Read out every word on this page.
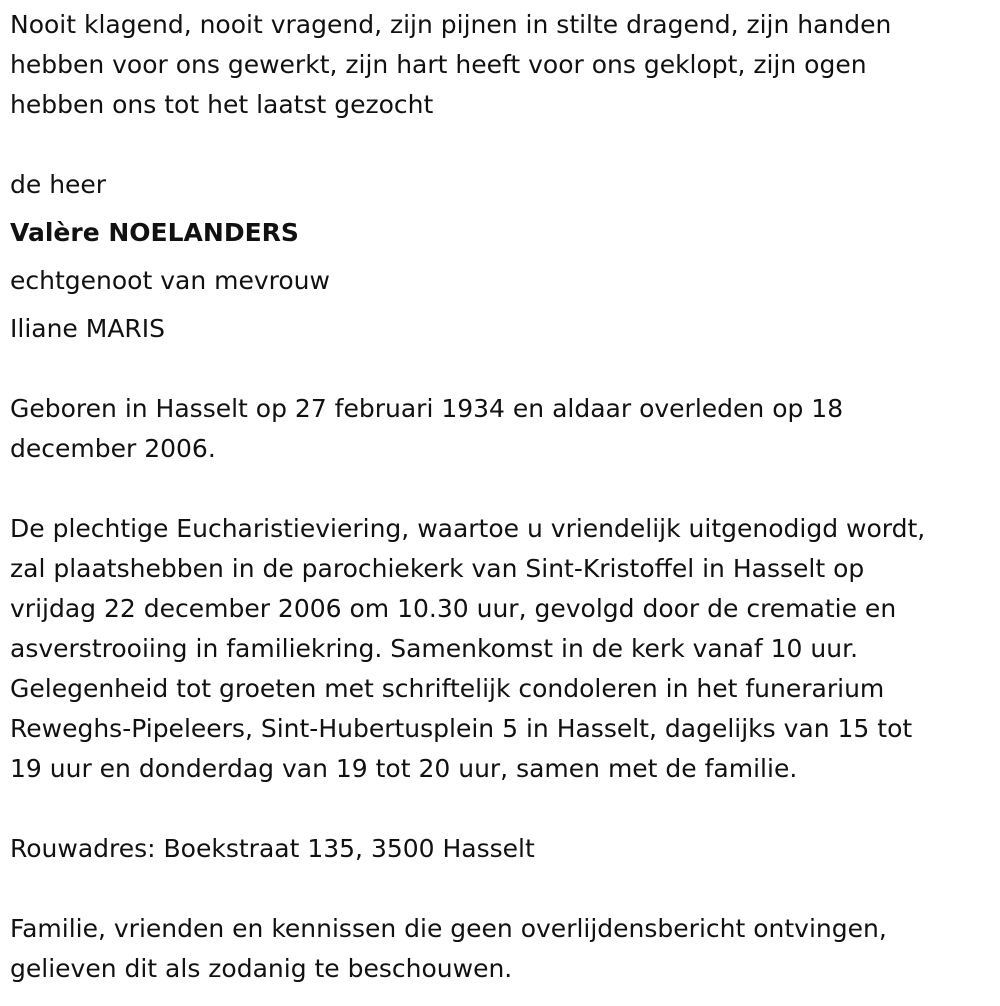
Nooit klagend, nooit vragend, zijn pijnen in stilte dragend, zijn handen
hebben voor ons gewerkt, zijn hart heeft voor ons geklopt, zijn ogen
hebben ons tot het laatst gezocht

de heer

Valère NOELANDERS

echtgenoot van mevrouw

Iliane MARIS

Geboren in Hasselt op 27 februari 1934 en aldaar overleden op 18
december 2006.

De plechtige Eucharistieviering, waartoe u vriendelijk uitgenodigd wordt,
zal plaatshebben in de parochiekerk van Sint-Kristoffel in Hasselt op
vrijdag 22 december 2006 om 10.30 uur, gevolgd door de crematie en
asverstrooiing in familiekring. Samenkomst in de kerk vanaf 10 uur.
Gelegenheid tot groeten met schriftelijk condoleren in het funerarium
Reweghs-Pipeleers, Sint-Hubertusplein 5 in Hasselt, dagelijks van 15 tot
19 uur en donderdag van 19 tot 20 uur, samen met de familie.

Rouwadres: Boekstraat 135, 3500 Hasselt

Familie, vrienden en kennissen die geen overlijdensbericht ontvingen,
gelieven dit als zodanig te beschouwen.
